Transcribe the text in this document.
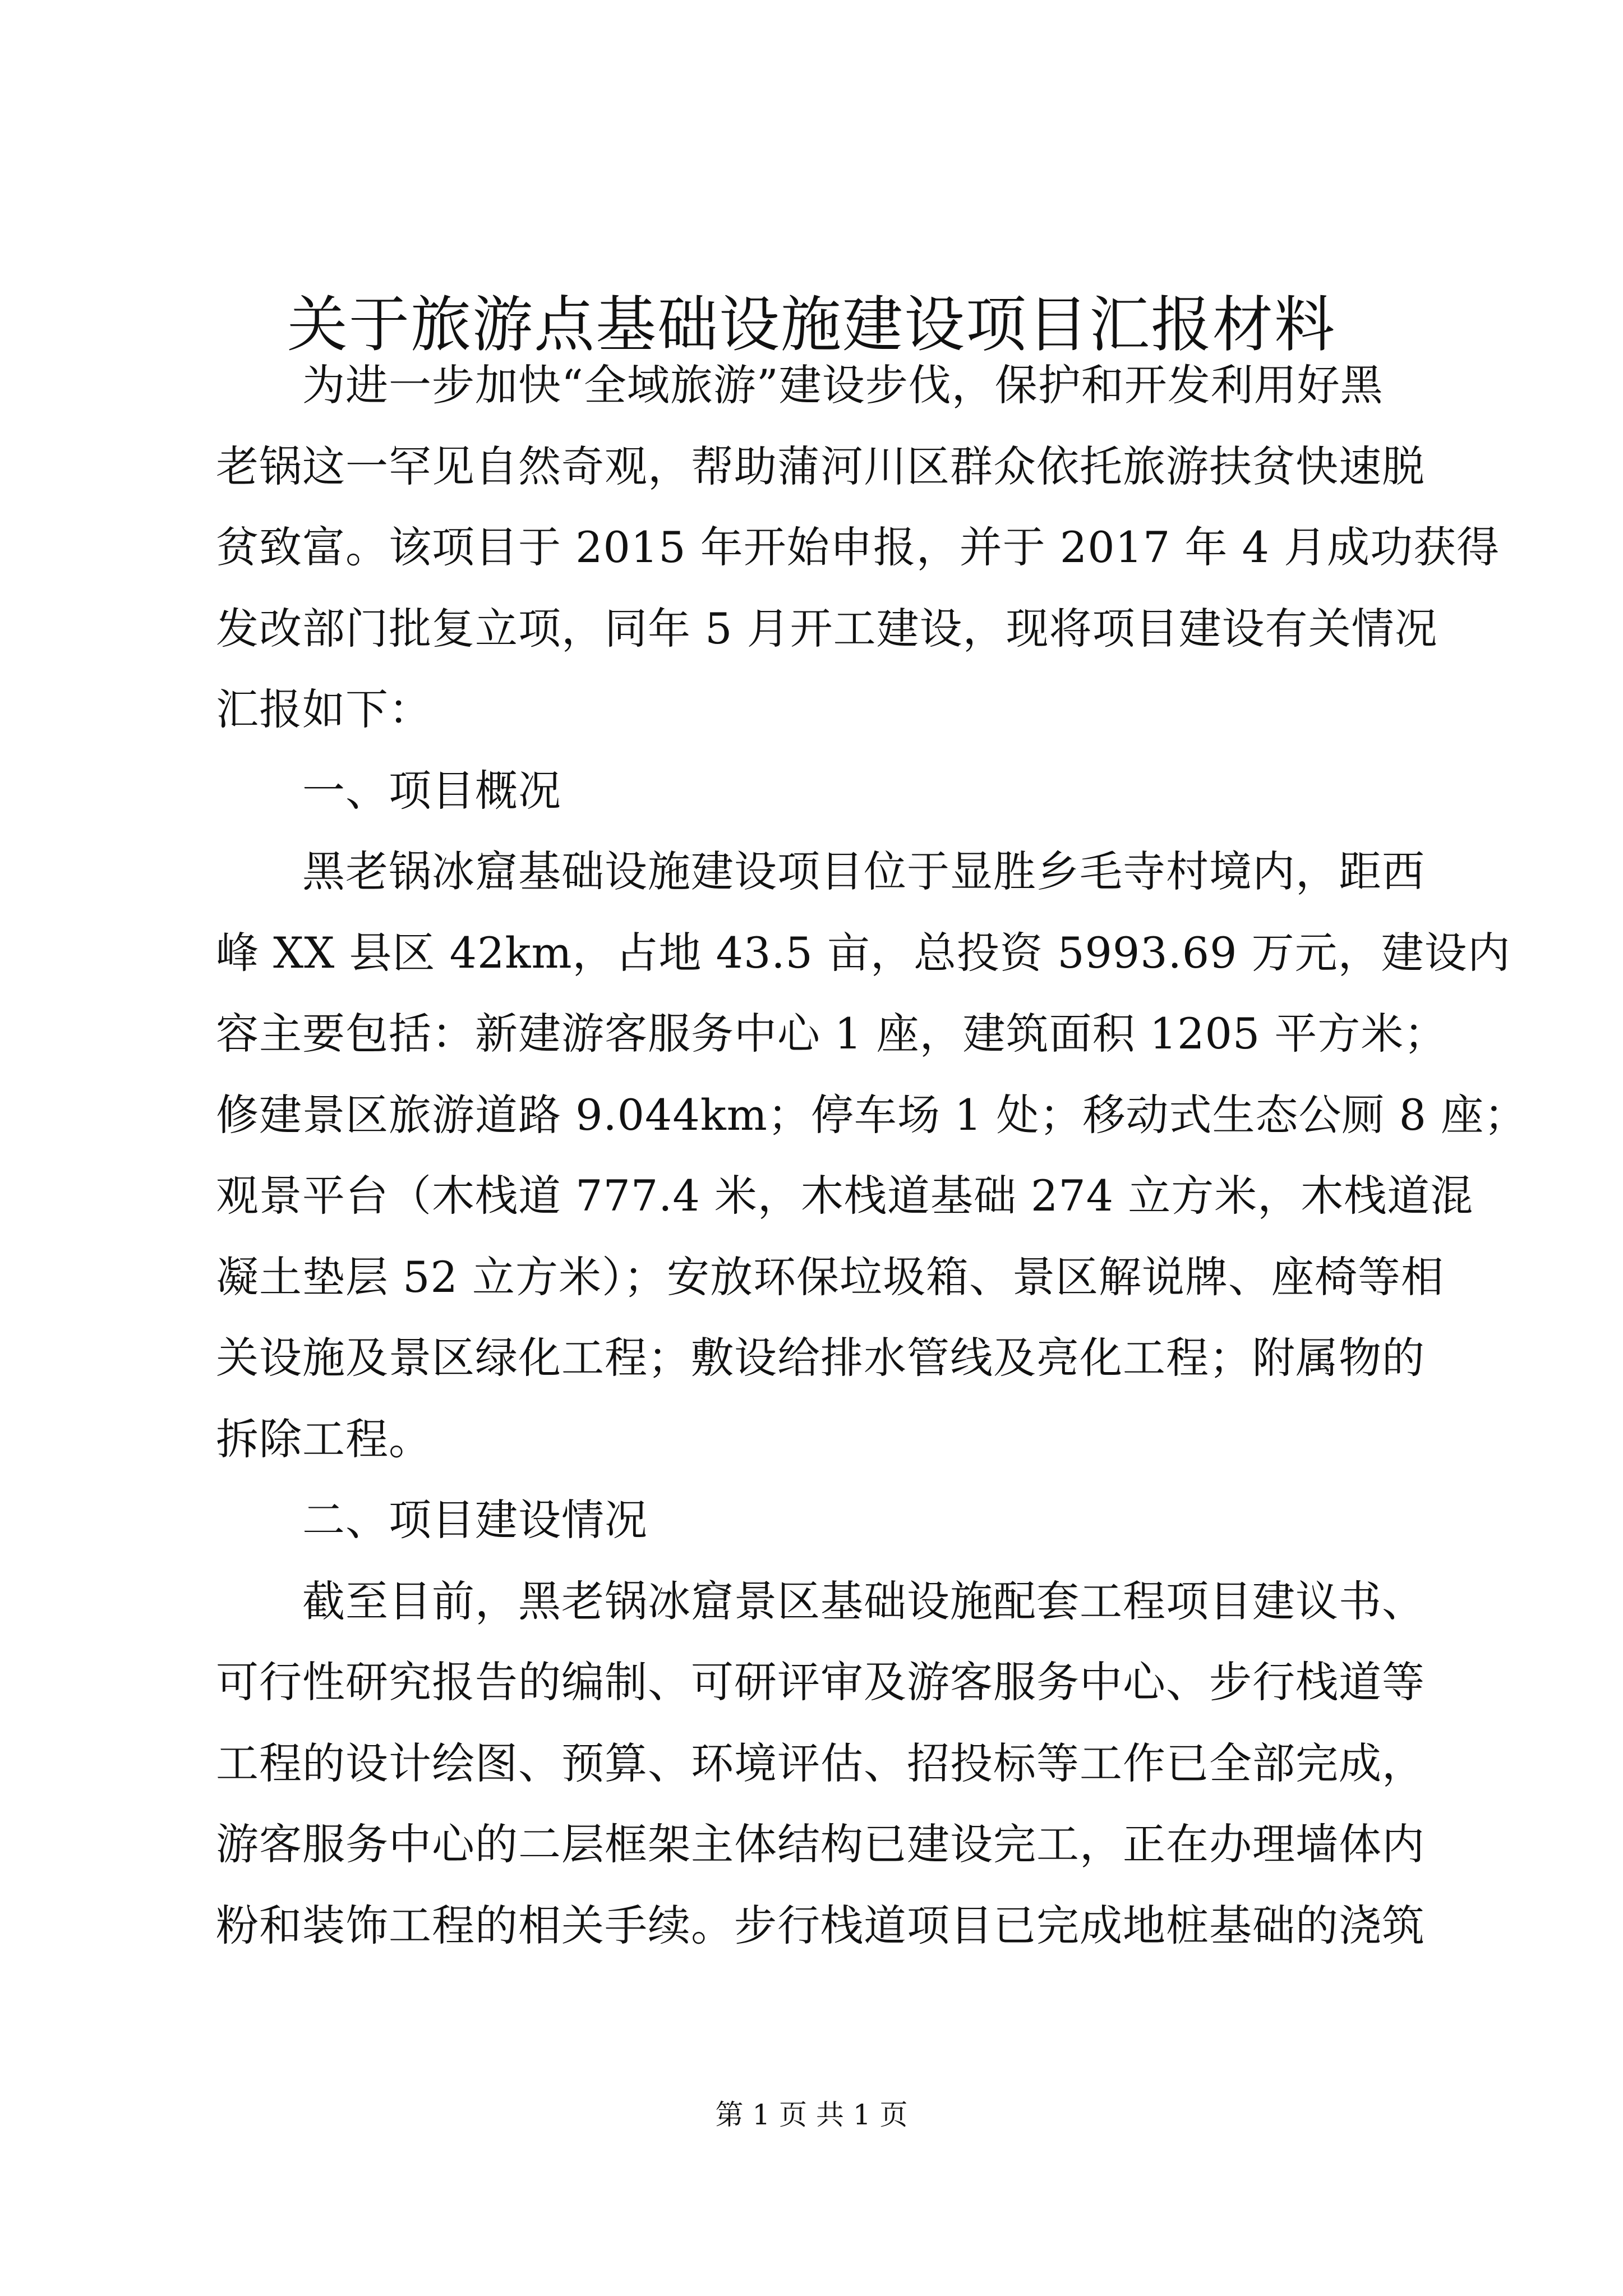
关于旅游点基础设施建设项目汇报材料
为进一步加快“全域旅游”建设步伐，保护和开发利用好黑
老锅这一罕见自然奇观，帮助蒲河川区群众依托旅游扶贫快速脱
贫致富。该项目于 2015 年开始申报，并于 2017 年 4 月成功获得
发改部门批复立项，同年 5 月开工建设，现将项目建设有关情况
汇报如下：
一、项目概况
黑老锅冰窟基础设施建设项目位于显胜乡毛寺村境内，距西
峰 XX 县区 42km，占地 43.5 亩，总投资 5993.69 万元，建设内
容主要包括：新建游客服务中心 1 座，建筑面积 1205 平方米；
修建景区旅游道路 9.044km；停车场 1 处；移动式生态公厕 8 座；
观景平台（木栈道 777.4 米，木栈道基础 274 立方米，木栈道混
凝土垫层 52 立方米）；安放环保垃圾箱、景区解说牌、座椅等相
关设施及景区绿化工程；敷设给排水管线及亮化工程；附属物的
拆除工程。
二、项目建设情况
截至目前，黑老锅冰窟景区基础设施配套工程项目建议书、
可行性研究报告的编制、可研评审及游客服务中心、步行栈道等
工程的设计绘图、预算、环境评估、招投标等工作已全部完成，
游客服务中心的二层框架主体结构已建设完工，正在办理墙体内
粉和装饰工程的相关手续。步行栈道项目已完成地桩基础的浇筑
第 1 页 共 1 页
